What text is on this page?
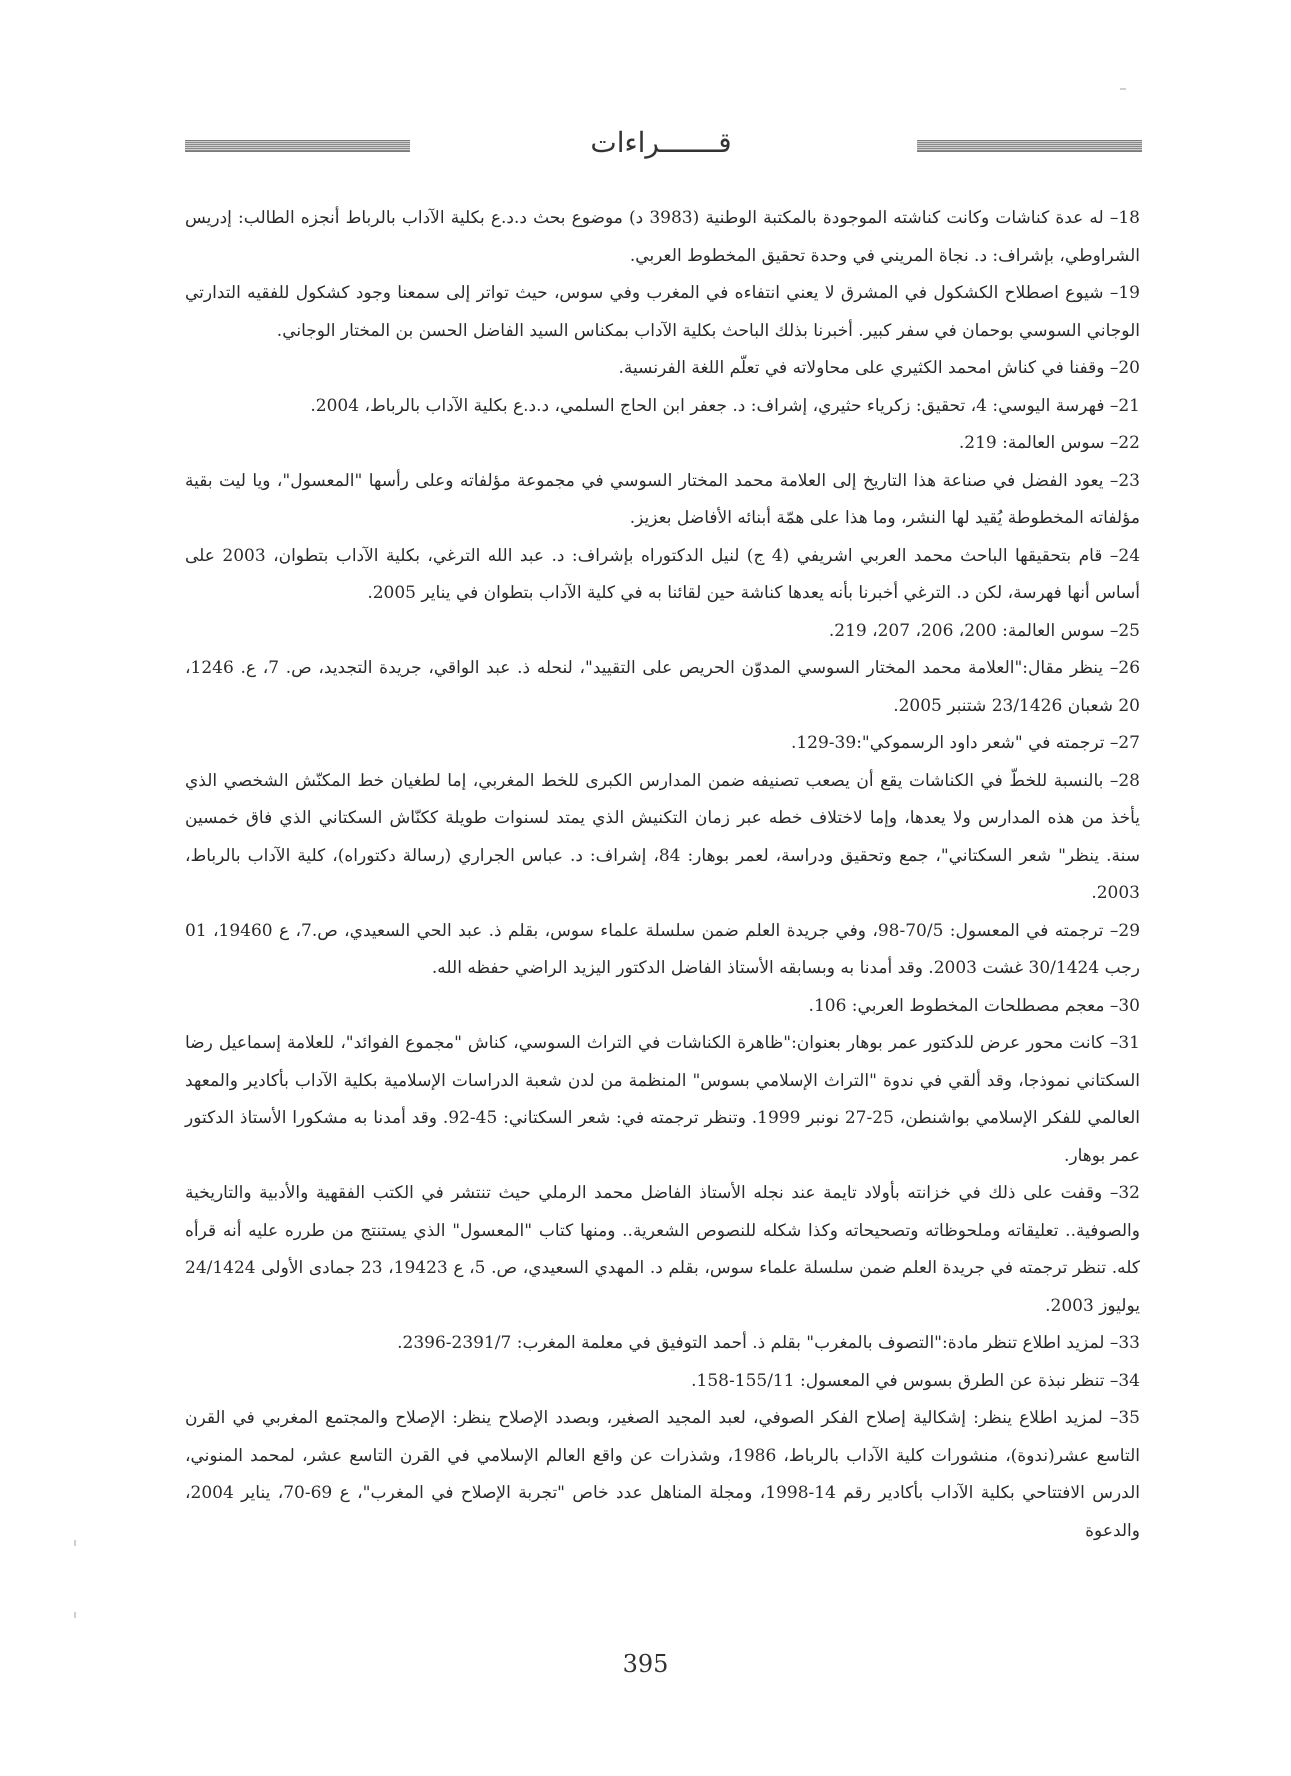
قـــــــراءات

18– له عدة كناشات وكانت كناشته الموجودة بالمكتبة الوطنية (3983 د) موضوع بحث د.د.ع بكلية الآداب بالرباط أنجزه الطالب: إدريس الشراوطي، بإشراف: د. نجاة المريني في وحدة تحقيق المخطوط العربي.

19– شيوع اصطلاح الكشكول في المشرق لا يعني انتفاءه في المغرب وفي سوس، حيث تواتر إلى سمعنا وجود كشكول للفقيه التدارتي الوجاني السوسي بوحمان في سفر كبير. أخبرنا بذلك الباحث بكلية الآداب بمكناس السيد الفاضل الحسن بن المختار الوجاني.

20– وقفنا في كناش امحمد الكثيري على محاولاته في تعلّم اللغة الفرنسية.

21– فهرسة اليوسي: 4، تحقيق: زكرياء حثيري، إشراف: د. جعفر ابن الحاج السلمي، د.د.ع بكلية الآداب بالرباط، 2004.

22– سوس العالمة: 219.

23– يعود الفضل في صناعة هذا التاريخ إلى العلامة محمد المختار السوسي في مجموعة مؤلفاته وعلى رأسها "المعسول"، ويا ليت بقية مؤلفاته المخطوطة يُقيد لها النشر، وما هذا على همّة أبنائه الأفاضل بعزيز.

24– قام بتحقيقها الباحث محمد العربي اشريفي (4 ج) لنيل الدكتوراه بإشراف: د. عبد الله الترغي، بكلية الآداب بتطوان، 2003 على أساس أنها فهرسة، لكن د. الترغي أخبرنا بأنه يعدها كناشة حين لقائنا به في كلية الآداب بتطوان في يناير 2005.

25– سوس العالمة: 200، 206، 207، 219.

26– ينظر مقال:"العلامة محمد المختار السوسي المدوّن الحريص على التقييد"، لنحله ذ. عبد الواقي، جريدة التجديد، ص. 7، ع. 1246، 20 شعبان 23/1426 شتنبر 2005.

27– ترجمته في "شعر داود الرسموكي":39-129.

28– بالنسبة للخطّ في الكناشات يقع أن يصعب تصنيفه ضمن المدارس الكبرى للخط المغربي، إما لطغيان خط المكنّش الشخصي الذي يأخذ من هذه المدارس ولا يعدها، وإما لاختلاف خطه عبر زمان التكنيش الذي يمتد لسنوات طويلة ككنّاش السكتاني الذي فاق خمسين سنة. ينظر" شعر السكتاني"، جمع وتحقيق ودراسة، لعمر بوهار: 84، إشراف: د. عباس الجراري (رسالة دكتوراه)، كلية الآداب بالرباط، 2003.

29– ترجمته في المعسول: 70/5-98، وفي جريدة العلم ضمن سلسلة علماء سوس، بقلم ذ. عبد الحي السعيدي، ص.7، ع 19460، 01 رجب 30/1424 غشت 2003. وقد أمدنا به وبسابقه الأستاذ الفاضل الدكتور اليزيد الراضي حفظه الله.

30– معجم مصطلحات المخطوط العربي: 106.

31– كانت محور عرض للدكتور عمر بوهار بعنوان:"ظاهرة الكناشات في التراث السوسي، كناش "مجموع الفوائد"، للعلامة إسماعيل رضا السكتاني نموذجا، وقد ألقي في ندوة "التراث الإسلامي بسوس" المنظمة من لدن شعبة الدراسات الإسلامية بكلية الآداب بأكادير والمعهد العالمي للفكر الإسلامي بواشنطن، 25-27 نونبر 1999. وتنظر ترجمته في: شعر السكتاني: 45-92. وقد أمدنا به مشكورا الأستاذ الدكتور عمر بوهار.

32– وقفت على ذلك في خزانته بأولاد تايمة عند نجله الأستاذ الفاضل محمد الرملي حيث تنتشر في الكتب الفقهية والأدبية والتاريخية والصوفية.. تعليقاته وملحوظاته وتصحيحاته وكذا شكله للنصوص الشعرية.. ومنها كتاب "المعسول" الذي يستنتج من طرره عليه أنه قرأه كله. تنظر ترجمته في جريدة العلم ضمن سلسلة علماء سوس، بقلم د. المهدي السعيدي، ص. 5، ع 19423، 23 جمادى الأولى 24/1424 يوليوز 2003.

33– لمزيد اطلاع تنظر مادة:"التصوف بالمغرب" بقلم ذ. أحمد التوفيق في معلمة المغرب: 2391/7-2396.

34– تنظر نبذة عن الطرق بسوس في المعسول: 155/11-158.

35– لمزيد اطلاع ينظر: إشكالية إصلاح الفكر الصوفي، لعبد المجيد الصغير، وبصدد الإصلاح ينظر: الإصلاح والمجتمع المغربي في القرن التاسع عشر(ندوة)، منشورات كلية الآداب بالرباط، 1986، وشذرات عن واقع العالم الإسلامي في القرن التاسع عشر، لمحمد المنوني، الدرس الافتتاحي بكلية الآداب بأكادير رقم 14-1998، ومجلة المناهل عدد خاص "تجربة الإصلاح في المغرب"، ع 69-70، يناير 2004، والدعوة

395
